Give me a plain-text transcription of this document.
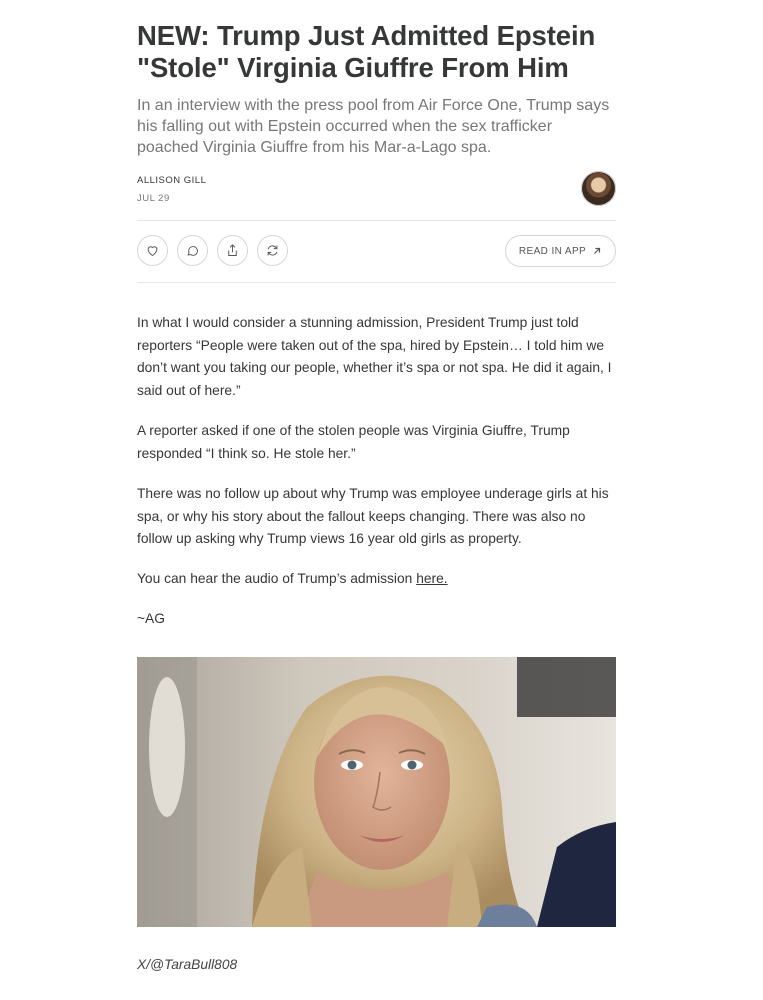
NEW: Trump Just Admitted Epstein "Stole" Virginia Giuffre From Him

In an interview with the press pool from Air Force One, Trump says his falling out with Epstein occurred when the sex trafficker poached Virginia Giuffre from his Mar-a-Lago spa.

ALLISON GILL
JUL 29
READ IN APP

In what I would consider a stunning admission, President Trump just told reporters “People were taken out of the spa, hired by Epstein… I told him we don’t want you taking our people, whether it’s spa or not spa. He did it again, I said out of here.”

A reporter asked if one of the stolen people was Virginia Giuffre, Trump responded “I think so. He stole her.”

There was no follow up about why Trump was employee underage girls at his spa, or why his story about the fallout keeps changing. There was also no follow up asking why Trump views 16 year old girls as property.

You can hear the audio of Trump’s admission here.

~AG

X/@TaraBull808
